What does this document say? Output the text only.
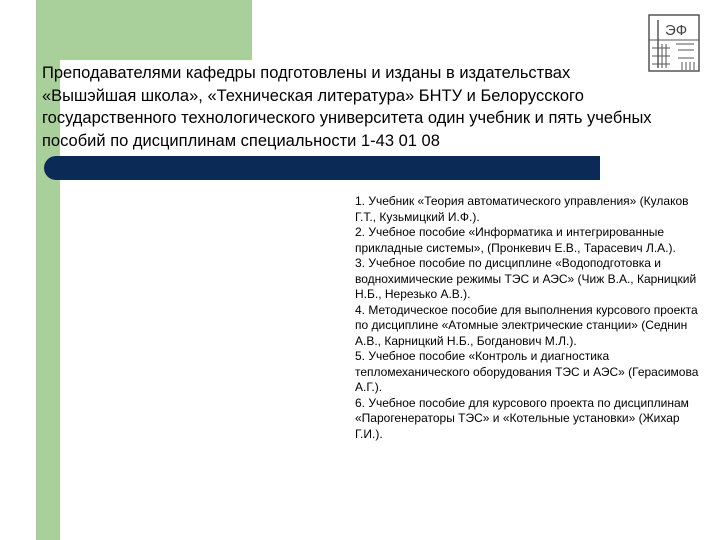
ЭФ
Преподавателями кафедры подготовлены и изданы в издательствах «Вышэйшая школа», «Техническая литература» БНТУ и Белорусского государственного технологического университета один учебник и пять учебных пособий по дисциплинам специальности 1-43 01 08

1. Учебник «Теория автоматического управления» (Кулаков Г.Т., Кузьмицкий И.Ф.).

2. Учебное пособие «Информатика и интегрированные прикладные системы», (Пронкевич Е.В., Тарасевич Л.А.).

3. Учебное пособие по дисциплине «Водоподготовка и воднохимические режимы ТЭС и АЭС» (Чиж В.А., Карницкий Н.Б., Нерезько А.В.).

4. Методическое пособие для выполнения курсового проекта по дисциплине «Атомные электрические станции» (Седнин А.В., Карницкий Н.Б., Богданович М.Л.).

5. Учебное пособие «Контроль и диагностика тепломеханического оборудования ТЭС и АЭС» (Герасимова А.Г.).

6. Учебное пособие для курсового проекта по дисциплинам «Парогенераторы ТЭС» и «Котельные установки» (Жихар Г.И.).
